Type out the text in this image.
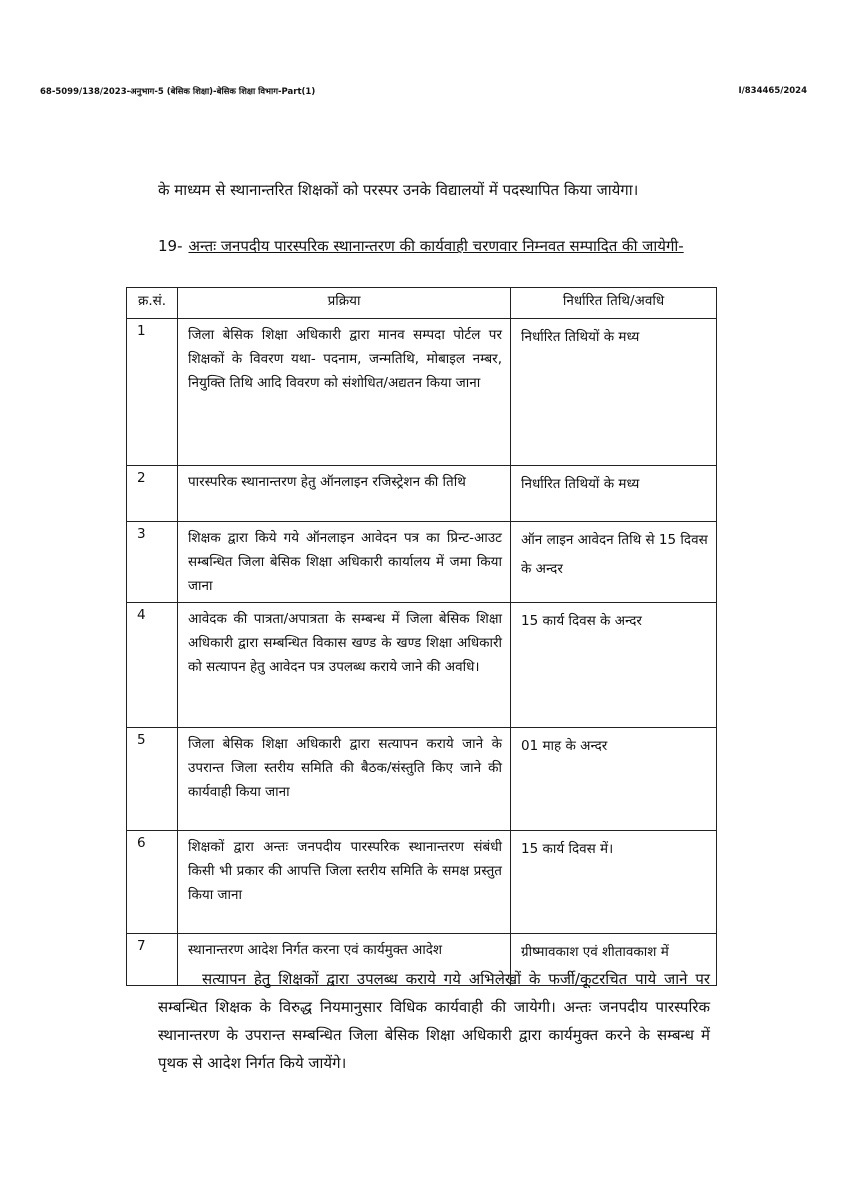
68-5099/138/2023-अनुभाग-5 (बेसिक शिक्षा)-बेसिक शिक्षा विभाग-Part(1)	I/834465/2024

के माध्यम से स्थानान्तरित शिक्षकों को परस्पर उनके विद्यालयों में पदस्थापित किया जायेगा।

19- अन्तः जनपदीय पारस्परिक स्थानान्तरण की कार्यवाही चरणवार निम्नवत सम्पादित की जायेगी-

क्र.सं.	प्रक्रिया	निर्धारित तिथि/अवधि
1	जिला बेसिक शिक्षा अधिकारी द्वारा मानव सम्पदा पोर्टल पर शिक्षकों के विवरण यथा- पदनाम, जन्मतिथि, मोबाइल नम्बर, नियुक्ति तिथि आदि विवरण को संशोधित/अद्यतन किया जाना	निर्धारित तिथियों के मध्य
2	पारस्परिक स्थानान्तरण हेतु ऑनलाइन रजिस्ट्रेशन की तिथि	निर्धारित तिथियों के मध्य
3	शिक्षक द्वारा किये गये ऑनलाइन आवेदन पत्र का प्रिन्ट-आउट सम्बन्धित जिला बेसिक शिक्षा अधिकारी कार्यालय में जमा किया जाना	ऑन लाइन आवेदन तिथि से 15 दिवस के अन्दर
4	आवेदक की पात्रता/अपात्रता के सम्बन्ध में जिला बेसिक शिक्षा अधिकारी द्वारा सम्बन्धित विकास खण्ड के खण्ड शिक्षा अधिकारी को सत्यापन हेतु आवेदन पत्र उपलब्ध कराये जाने की अवधि।	15 कार्य दिवस के अन्दर
5	जिला बेसिक शिक्षा अधिकारी द्वारा सत्यापन कराये जाने के उपरान्त जिला स्तरीय समिति की बैठक/संस्तुति किए जाने की कार्यवाही किया जाना	01 माह के अन्दर
6	शिक्षकों द्वारा अन्तः जनपदीय पारस्परिक स्थानान्तरण संबंधी किसी भी प्रकार की आपत्ति जिला स्तरीय समिति के समक्ष प्रस्तुत किया जाना	15 कार्य दिवस में।
7	स्थानान्तरण आदेश निर्गत करना एवं कार्यमुक्त आदेश	ग्रीष्मावकाश एवं शीतावकाश में

सत्यापन हेतु शिक्षकों द्वारा उपलब्ध कराये गये अभिलेखों के फर्जी/कूटरचित पाये जाने पर सम्बन्धित शिक्षक के विरुद्ध नियमानुसार विधिक कार्यवाही की जायेगी। अन्तः जनपदीय पारस्परिक स्थानान्तरण के उपरान्त सम्बन्धित जिला बेसिक शिक्षा अधिकारी द्वारा कार्यमुक्त करने के सम्बन्ध में पृथक से आदेश निर्गत किये जायेंगे।
